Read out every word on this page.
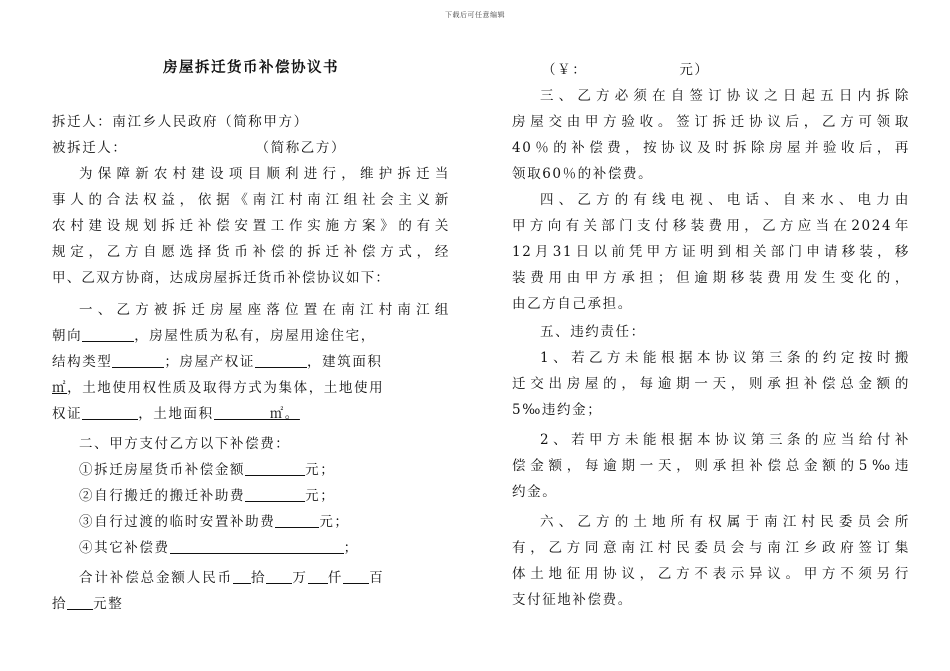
下载后可任意编辑
房屋拆迁货币补偿协议书
拆迁人：南江乡人民政府（简称甲方）
被拆迁人：	（简称乙方）
为保障新农村建设项目顺利进行，维护拆迁当
事人的合法权益，依据《南江村南江组社会主义新
农村建设规划拆迁补偿安置工作实施方案》的有关
规定，乙方自愿选择货币补偿的拆迁补偿方式，经
甲、乙双方协商，达成房屋拆迁货币补偿协议如下：
一、乙方被拆迁房屋座落位置在南江村南江组
朝向	，房屋性质为私有，房屋用途住宅，
结构类型	；房屋产权证	，建筑面积
㎡，土地使用权性质及取得方式为集体，土地使用
权证	，土地面积	㎡。
二、甲方支付乙方以下补偿费：
①拆迁房屋货币补偿金额	元；
②自行搬迁的搬迁补助费	元；
③自行过渡的临时安置补助费	元；
④其它补偿费	；
合计补偿总金额人民币 拾 万 仟 百
拾 元整
（￥：	元）
三、乙方必须在自签订协议之日起五日内拆除
房屋交由甲方验收。签订拆迁协议后，乙方可领取
40％的补偿费，按协议及时拆除房屋并验收后，再
领取60％的补偿费。
四、乙方的有线电视、电话、自来水、电力由
甲方向有关部门支付移装费用，乙方应当在2024年
12月31日以前凭甲方证明到相关部门申请移装，移
装费用由甲方承担；但逾期移装费用发生变化的，
由乙方自己承担。
五、违约责任：
1、若乙方未能根据本协议第三条的约定按时搬
迁交出房屋的，每逾期一天，则承担补偿总金额的
5‰违约金；
2、若甲方未能根据本协议第三条的应当给付补
偿金额，每逾期一天，则承担补偿总金额的5‰违
约金。
六、乙方的土地所有权属于南江村民委员会所
有，乙方同意南江村民委员会与南江乡政府签订集
体土地征用协议，乙方不表示异议。甲方不须另行
支付征地补偿费。
